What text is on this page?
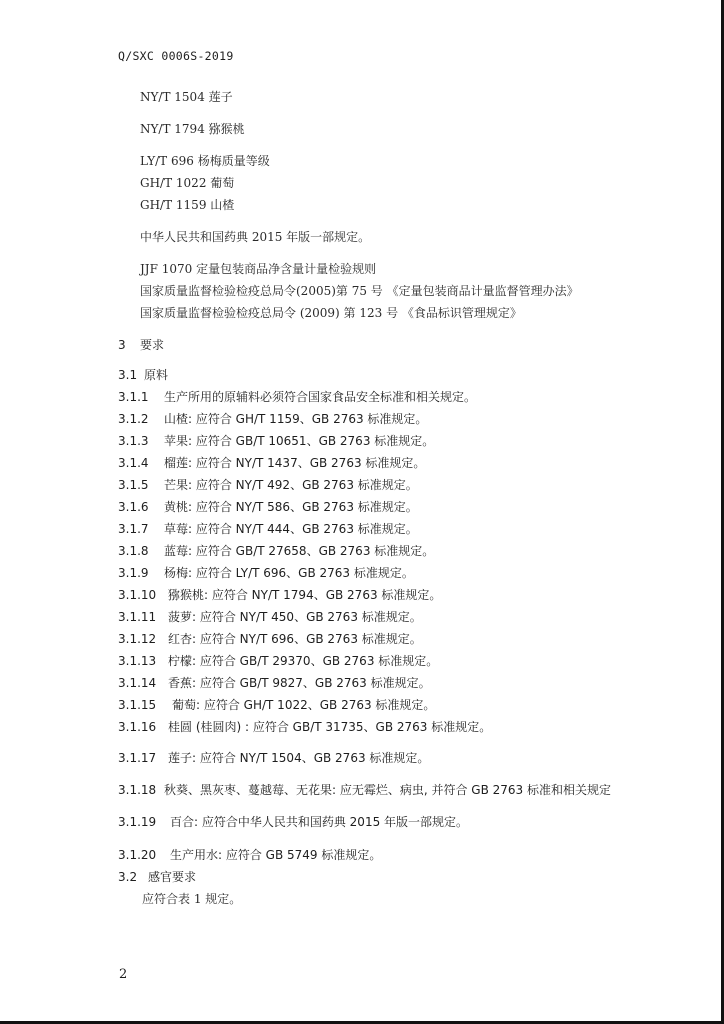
Q/SXC 0006S-2019
NY/T 1504 莲子
NY/T 1794 猕猴桃
LY/T 696 杨梅质量等级
GH/T 1022 葡萄
GH/T 1159 山楂
中华人民共和国药典 2015 年版一部规定。
JJF 1070 定量包装商品净含量计量检验规则
国家质量监督检验检疫总局令(2005)第 75 号 《定量包装商品计量监督管理办法》
国家质量监督检验检疫总局令 (2009) 第 123 号 《食品标识管理规定》
3 要求
3.1 原料
3.1.1 生产所用的原辅料必须符合国家食品安全标准和相关规定。
3.1.2 山楂: 应符合 GH/T 1159、GB 2763 标准规定。
3.1.3 苹果: 应符合 GB/T 10651、GB 2763 标准规定。
3.1.4 榴莲: 应符合 NY/T 1437、GB 2763 标准规定。
3.1.5 芒果: 应符合 NY/T 492、GB 2763 标准规定。
3.1.6 黄桃: 应符合 NY/T 586、GB 2763 标准规定。
3.1.7 草莓: 应符合 NY/T 444、GB 2763 标准规定。
3.1.8 蓝莓: 应符合 GB/T 27658、GB 2763 标准规定。
3.1.9 杨梅: 应符合 LY/T 696、GB 2763 标准规定。
3.1.10 猕猴桃: 应符合 NY/T 1794、GB 2763 标准规定。
3.1.11 菠萝: 应符合 NY/T 450、GB 2763 标准规定。
3.1.12 红杏: 应符合 NY/T 696、GB 2763 标准规定。
3.1.13 柠檬: 应符合 GB/T 29370、GB 2763 标准规定。
3.1.14 香蕉: 应符合 GB/T 9827、GB 2763 标准规定。
3.1.15 葡萄: 应符合 GH/T 1022、GB 2763 标准规定。
3.1.16 桂圆 (桂圆肉) : 应符合 GB/T 31735、GB 2763 标准规定。
3.1.17 莲子: 应符合 NY/T 1504、GB 2763 标准规定。
3.1.18 秋葵、黑灰枣、蔓越莓、无花果: 应无霉烂、病虫, 并符合 GB 2763 标准和相关规定
3.1.19 百合: 应符合中华人民共和国药典 2015 年版一部规定。
3.1.20 生产用水: 应符合 GB 5749 标准规定。
3.2 感官要求
应符合表 1 规定。
2
